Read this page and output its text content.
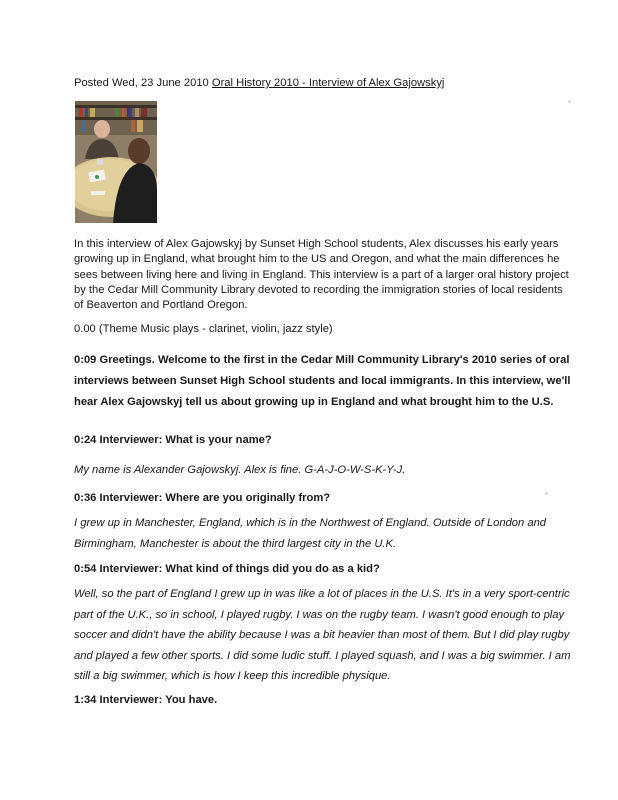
Posted Wed, 23 June 2010 Oral History 2010 - Interview of Alex Gajowskyj
In this interview of Alex Gajowskyj by Sunset High School students, Alex discusses his early years growing up in England, what brought him to the US and Oregon, and what the main differences he sees between living here and living in England. This interview is a part of a larger oral history project by the Cedar Mill Community Library devoted to recording the immigration stories of local residents of Beaverton and Portland Oregon.
0.00 (Theme Music plays - clarinet, violin, jazz style)
0:09 Greetings. Welcome to the first in the Cedar Mill Community Library's 2010 series of oral interviews between Sunset High School students and local immigrants. In this interview, we'll hear Alex Gajowskyj tell us about growing up in England and what brought him to the U.S.
0:24 Interviewer: What is your name?
My name is Alexander Gajowskyj. Alex is fine. G-A-J-O-W-S-K-Y-J.
0:36 Interviewer: Where are you originally from?
I grew up in Manchester, England, which is in the Northwest of England. Outside of London and Birmingham, Manchester is about the third largest city in the U.K.
0:54 Interviewer: What kind of things did you do as a kid?
Well, so the part of England I grew up in was like a lot of places in the U.S. It's in a very sport-centric part of the U.K., so in school, I played rugby. I was on the rugby team. I wasn't good enough to play soccer and didn't have the ability because I was a bit heavier than most of them. But I did play rugby and played a few other sports. I did some ludic stuff. I played squash, and I was a big swimmer. I am still a big swimmer, which is how I keep this incredible physique.
1:34 Interviewer: You have.
